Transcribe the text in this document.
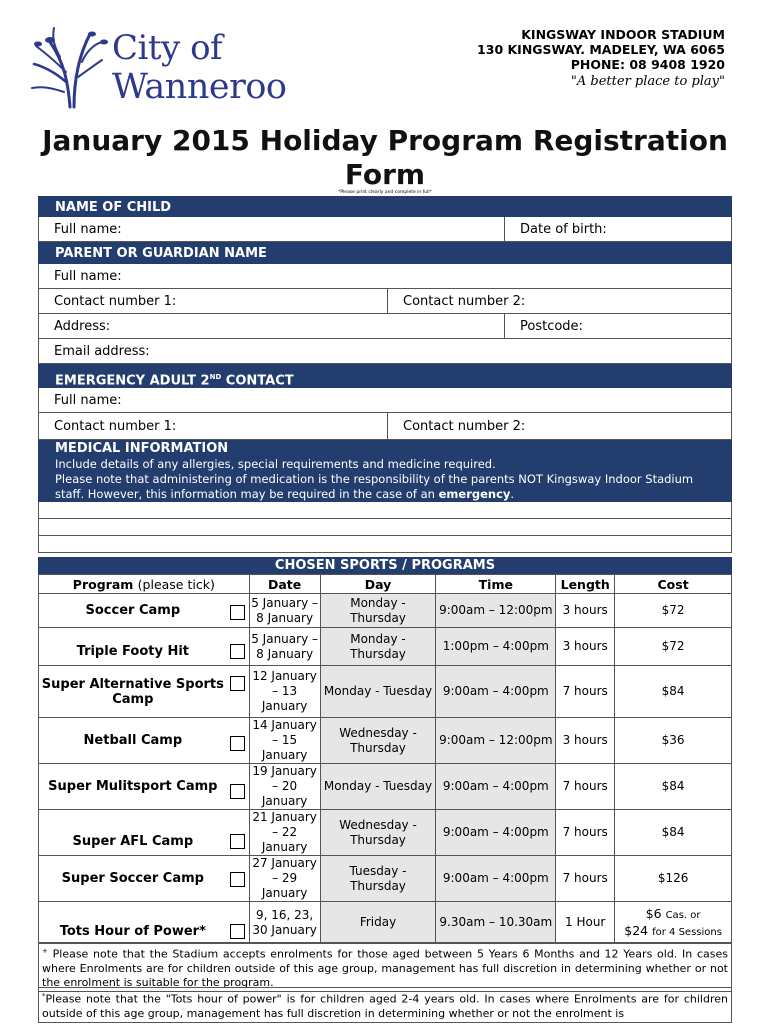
City of
Wanneroo
KINGSWAY INDOOR STADIUM
130 KINGSWAY. MADELEY, WA 6065
PHONE: 08 9408 1920
"A better place to play"
January 2015 Holiday Program Registration Form
*Please print clearly and complete in full*
NAME OF CHILD
Full name:	Date of birth:
PARENT OR GUARDIAN NAME
Full name:
Contact number 1:	Contact number 2:
Address:	Postcode:
Email address:
EMERGENCY ADULT 2ND CONTACT
Full name:
Contact number 1:	Contact number 2:
MEDICAL INFORMATION
Include details of any allergies, special requirements and medicine required.
Please note that administering of medication is the responsibility of the parents NOT Kingsway Indoor Stadium staff. However, this information may be required in the case of an emergency.
CHOSEN SPORTS / PROGRAMS
Program (please tick)	Date	Day	Time	Length	Cost
Soccer Camp	5 January – 8 January	Monday - Thursday	9:00am – 12:00pm	3 hours	$72
Triple Footy Hit	5 January – 8 January	Monday - Thursday	1:00pm – 4:00pm	3 hours	$72
Super Alternative Sports Camp	12 January – 13 January	Monday - Tuesday	9:00am – 4:00pm	7 hours	$84
Netball Camp	14 January – 15 January	Wednesday - Thursday	9:00am – 12:00pm	3 hours	$36
Super Mulitsport Camp	19 January – 20 January	Monday - Tuesday	9:00am – 4:00pm	7 hours	$84
Super AFL Camp	21 January – 22 January	Wednesday - Thursday	9:00am – 4:00pm	7 hours	$84
Super Soccer Camp	27 January – 29 January	Tuesday - Thursday	9:00am – 4:00pm	7 hours	$126
Tots Hour of Power*	9, 16, 23, 30 January	Friday	9.30am – 10.30am	1 Hour	$6 Cas. or
$24 for 4 Sessions
+ Please note that the Stadium accepts enrolments for those aged between 5 Years 6 Months and 12 Years old. In cases where Enrolments are for children outside of this age group, management has full discretion in determining whether or not the enrolment is suitable for the program.
*Please note that the "Tots hour of power" is for children aged 2-4 years old. In cases where Enrolments are for children outside of this age group, management has full discretion in determining whether or not the enrolment is
